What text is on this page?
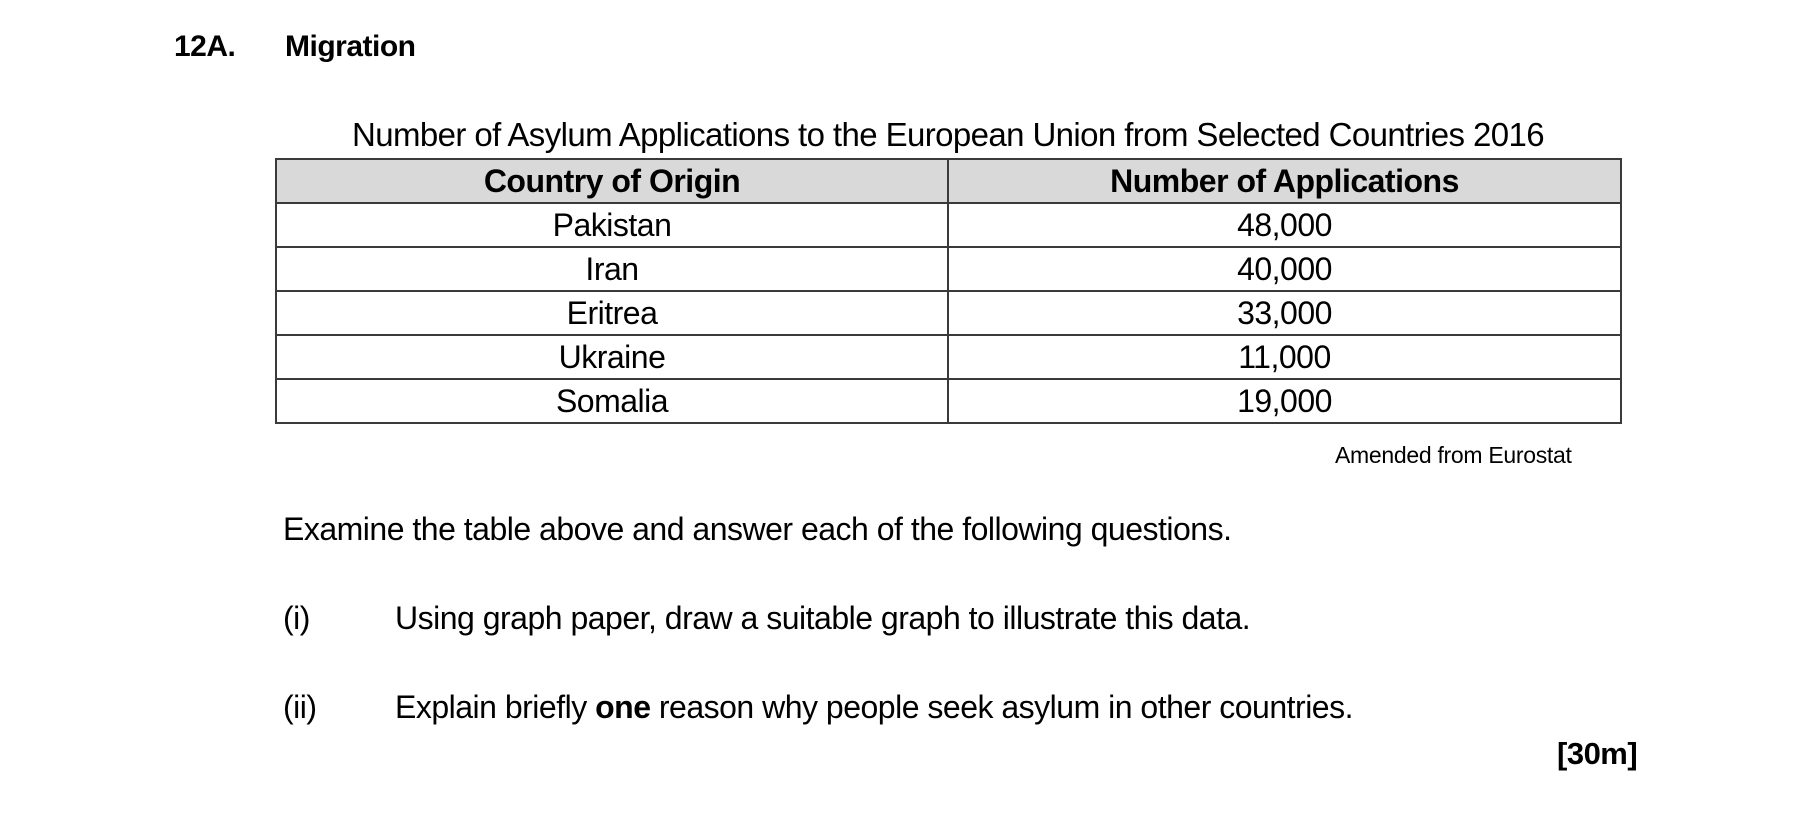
12A. Migration
Number of Asylum Applications to the European Union from Selected Countries 2016
Country of Origin	Number of Applications
Pakistan	48,000
Iran	40,000
Eritrea	33,000
Ukraine	11,000
Somalia	19,000
Amended from Eurostat
Examine the table above and answer each of the following questions.
(i)	Using graph paper, draw a suitable graph to illustrate this data.
(ii) Explain briefly one reason why people seek asylum in other countries.
[30m]
